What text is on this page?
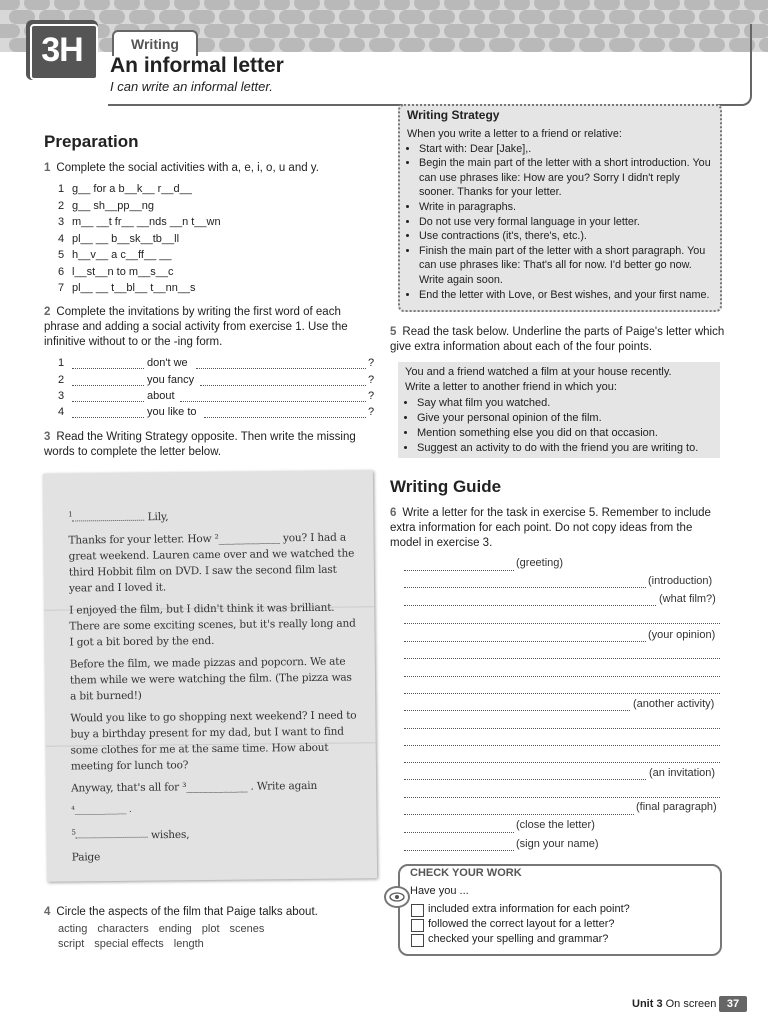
3H	Writing
An informal letter
I can write an informal letter.
Preparation
1 Complete the social activities with a, e, i, o, u and y.
1 g__ for a b__k__ r__d__
2 g__ sh__pp__ng
3 m__ __t fr__ __nds __n t__wn
4 pl__ __ b__sk__tb__ll
5 h__v__ a c__ff__ __
6 l__st__n to m__s__c
7 pl__ __ t__bl__ t__nn__s
2 Complete the invitations by writing the first word of each phrase and adding a social activity from exercise 1. Use the infinitive without to or the -ing form.
1	don't we	?
2	you fancy	?
3	about	?
4	you like to	?
3 Read the Writing Strategy opposite. Then write the missing words to complete the letter below.

$^1$	Lily,

Thanks for your letter. How ²____________ you? I had a great weekend. Lauren came over and we watched the third Hobbit film on DVD. I saw the second film last year and I loved it.

I enjoyed the film, but I didn't think it was brilliant. There are some exciting scenes, but it's really long and I got a bit bored by the end.

Before the film, we made pizzas and popcorn. We ate them while we were watching the film. (The pizza was a bit burned!)

Would you like to go shopping next weekend? I need to buy a birthday present for my dad, but I want to find some clothes for me at the same time. How about meeting for lunch too?

Anyway, that's all for ³____________ . Write again

⁴____________ .

$^5$	wishes,

Paige

4 Circle the aspects of the film that Paige talks about.
acting characters ending plot scenes
script special effects length
Writing Strategy
When you write a letter to a friend or relative:
• Start with: Dear [Jake],.
• Begin the main part of the letter with a short introduction. You can use phrases like: How are you? Sorry I didn't reply sooner. Thanks for your letter.
• Write in paragraphs.
• Do not use very formal language in your letter.
• Use contractions (it's, there's, etc.).
• Finish the main part of the letter with a short paragraph. You can use phrases like: That's all for now. I'd better go now. Write again soon.
• End the letter with Love, or Best wishes, and your first name.
5 Read the task below. Underline the parts of Paige's letter which give extra information about each of the four points.
You and a friend watched a film at your house recently.
Write a letter to another friend in which you:
• Say what film you watched.
• Give your personal opinion of the film.
• Mention something else you did on that occasion.
• Suggest an activity to do with the friend you are writing to.
Writing Guide
6 Write a letter for the task in exercise 5. Remember to include extra information for each point. Do not copy ideas from the model in exercise 3.
(greeting)
(introduction)
(what film?)
(your opinion)
(another activity)
(an invitation)
(final paragraph)
(close the letter)
(sign your name)
CHECK YOUR WORK
Have you ...
included extra information for each point?
followed the correct layout for a letter?
checked your spelling and grammar?
Unit 3 On screen 37
